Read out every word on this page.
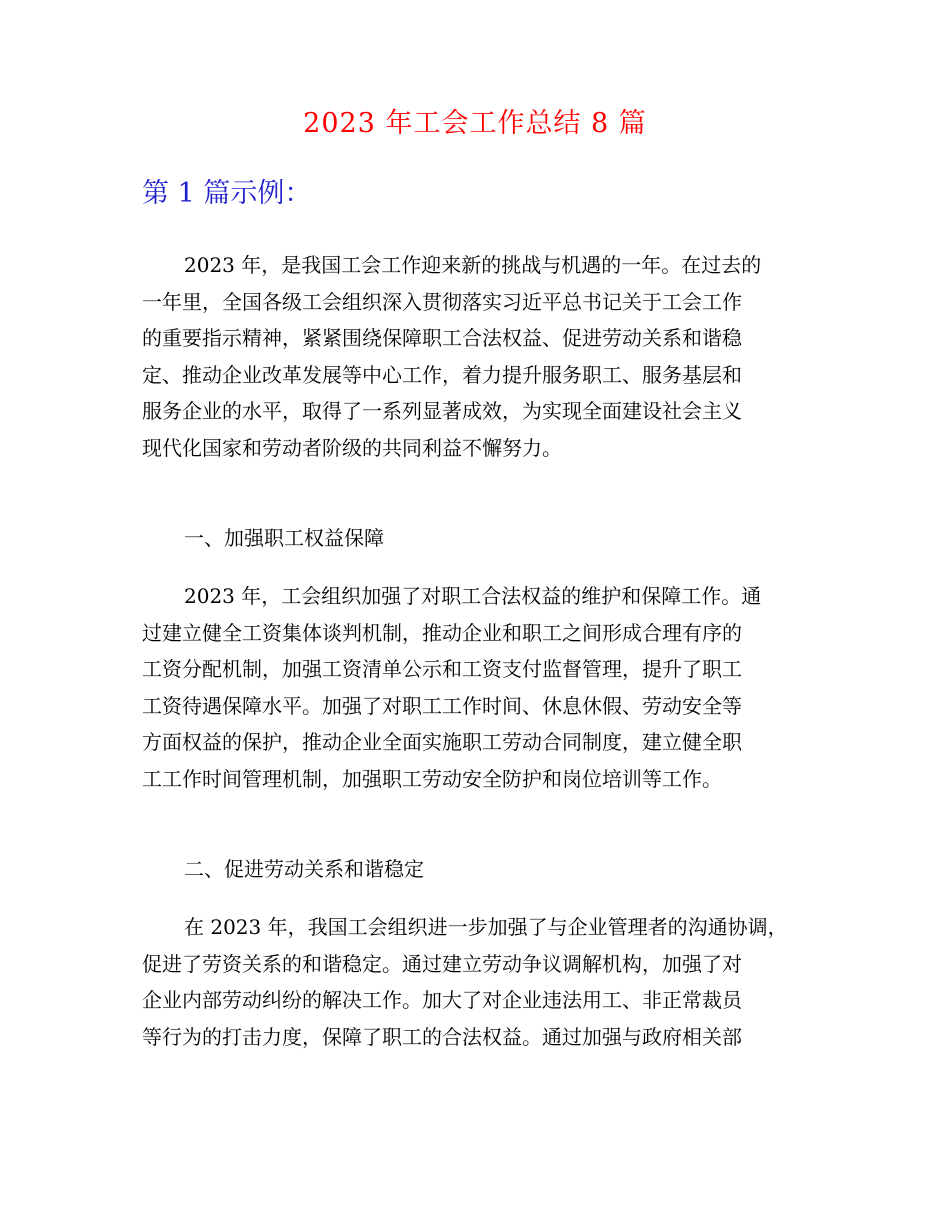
2023 年工会工作总结 8 篇
第 1 篇示例：
2023 年，是我国工会工作迎来新的挑战与机遇的一年。在过去的
一年里，全国各级工会组织深入贯彻落实习近平总书记关于工会工作
的重要指示精神，紧紧围绕保障职工合法权益、促进劳动关系和谐稳
定、推动企业改革发展等中心工作，着力提升服务职工、服务基层和
服务企业的水平，取得了一系列显著成效，为实现全面建设社会主义
现代化国家和劳动者阶级的共同利益不懈努力。
一、加强职工权益保障
2023 年，工会组织加强了对职工合法权益的维护和保障工作。通
过建立健全工资集体谈判机制，推动企业和职工之间形成合理有序的
工资分配机制，加强工资清单公示和工资支付监督管理，提升了职工
工资待遇保障水平。加强了对职工工作时间、休息休假、劳动安全等
方面权益的保护，推动企业全面实施职工劳动合同制度，建立健全职
工工作时间管理机制，加强职工劳动安全防护和岗位培训等工作。
二、促进劳动关系和谐稳定
在 2023 年，我国工会组织进一步加强了与企业管理者的沟通协调，
促进了劳资关系的和谐稳定。通过建立劳动争议调解机构，加强了对
企业内部劳动纠纷的解决工作。加大了对企业违法用工、非正常裁员
等行为的打击力度，保障了职工的合法权益。通过加强与政府相关部
